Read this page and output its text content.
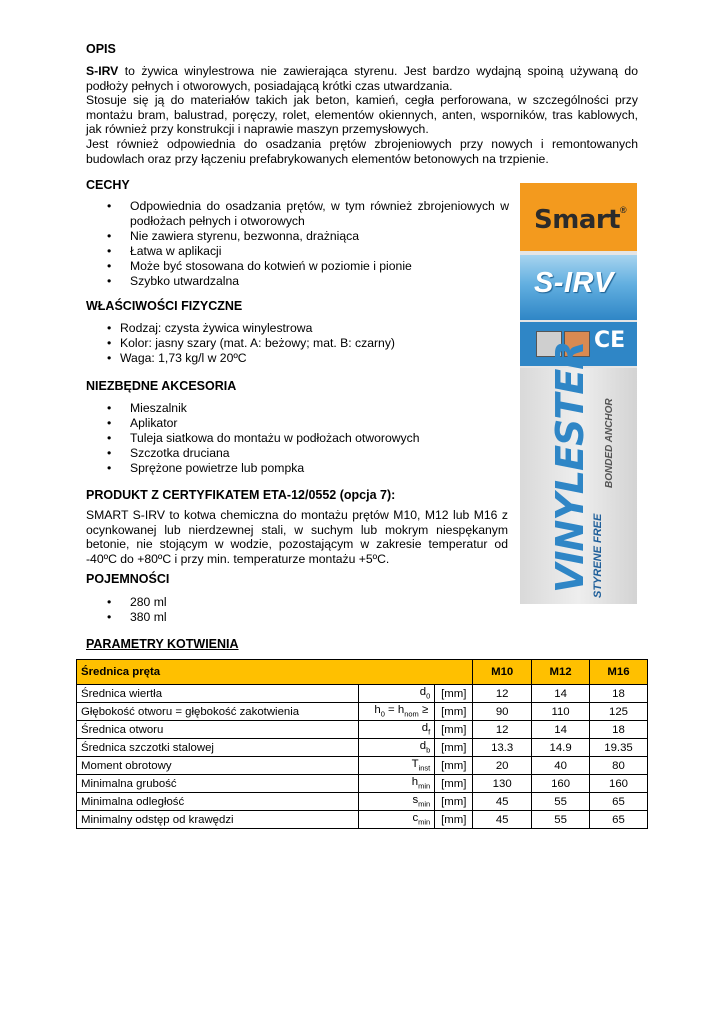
OPIS
S-IRV to żywica winylestrowa nie zawierająca styrenu. Jest bardzo wydajną spoiną używaną do podłoży pełnych i otworowych, posiadającą krótki czas utwardzania.
Stosuje się ją do materiałów takich jak beton, kamień, cegła perforowana, w szczególności przy montażu bram, balustrad, poręczy, rolet, elementów okiennych, anten, wsporników, tras kablowych, jak również przy konstrukcji i naprawie maszyn przemysłowych.
Jest również odpowiednia do osadzania prętów zbrojeniowych przy nowych i remontowanych budowlach oraz przy łączeniu prefabrykowanych elementów betonowych na trzpienie.
CECHY
• Odpowiednia do osadzania prętów, w tym również zbrojeniowych w podłożach pełnych i otworowych
• Nie zawiera styrenu, bezwonna, drażniąca
• Łatwa w aplikacji
• Może być stosowana do kotwień w poziomie i pionie
• Szybko utwardzalna
WŁAŚCIWOŚCI FIZYCZNE
• Rodzaj: czysta żywica winylestrowa
• Kolor: jasny szary (mat. A: beżowy; mat. B: czarny)
• Waga: 1,73 kg/l w 20ºC
NIEZBĘDNE AKCESORIA
• Mieszalnik
• Aplikator
• Tuleja siatkowa do montażu w podłożach otworowych
• Szczotka druciana
• Sprężone powietrze lub pompka
PRODUKT Z CERTYFIKATEM ETA-12/0552 (opcja 7):
SMART S-IRV to kotwa chemiczna do montażu prętów M10, M12 lub M16 z ocynkowanej lub nierdzewnej stali, w suchym lub mokrym niespękanym betonie, nie stojącym w wodzie, pozostającym w zakresie temperatur od -40ºC do +80ºC i przy min. temperaturze montażu +5ºC.
POJEMNOŚCI
• 280 ml
• 380 ml
PARAMETRY KOTWIENIA
Średnica pręta			M10	M12	M16
Średnica wiertła	$d_0$	[mm]	12	14	18
Głębokość otworu = głębokość zakotwienia	$h_0 = h_{nom}$ ≥	[mm]	90	110	125
Średnica otworu	$d_f$	[mm]	12	14	18
Średnica szczotki stalowej	$d_b$	[mm]	13.3	14.9	19.35
Moment obrotowy	$T_{inst}$	[mm]	20	40	80
Minimalna grubość	$h_{min}$	[mm]	130	160	160
Minimalna odległość	$s_{min}$	[mm]	45	55	65
Minimalny odstęp od krawędzi	$c_{min}$	[mm]	45	55	65
Smart ®
S-IRV
CE
VINYLESTER STYRENE FREE
BONDED ANCHOR
